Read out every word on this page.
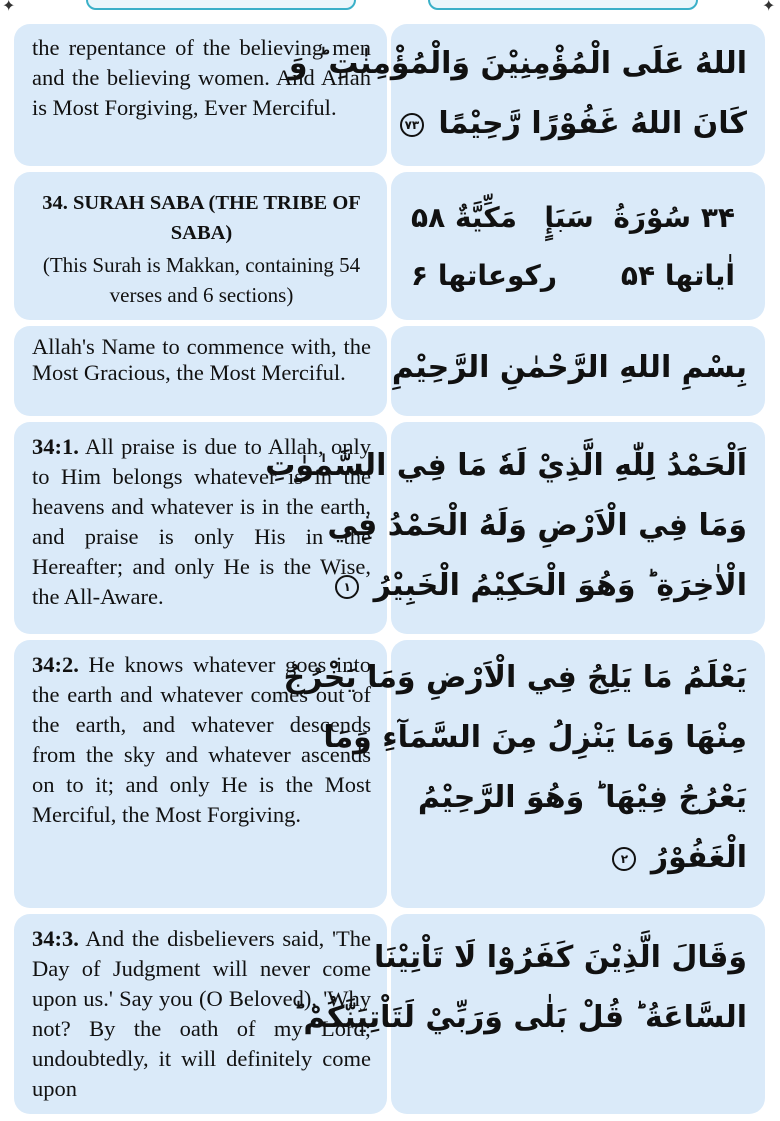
✦	✦
the repentance of the believing men and the believing women. And Allah is Most Forgiving, Ever Merciful.
اللهُ عَلَى الْمُؤْمِنِيْنَ وَالْمُؤْمِنٰتِ ؕ وَ
كَانَ اللهُ غَفُوْرًا رَّحِيْمًا ۷۳
34. SURAH SABA (THE TRIBE OF SABA)
(This Surah is Makkan, containing 54 verses and 6 sections)
۳۴ سُوْرَةُ  سَبَإٍ
مَكِّيَّةٌ ۵۸
اٰياتها ۵۴
ركوعاتها ۶
Allah's Name to commence with, the Most Gracious, the Most Merciful.	بِسْمِ اللهِ الرَّحْمٰنِ الرَّحِيْمِ
34:1. All praise is due to Allah, only to Him belongs whatever is in the heavens and whatever is in the earth, and praise is only His in the Hereafter; and only He is the Wise, the All-Aware.
اَلْحَمْدُ لِلّٰهِ الَّذِيْ لَهٗ مَا فِي السَّمٰوٰتِ
وَمَا فِي الْاَرْضِ وَلَهُ الْحَمْدُ فِي
الْاٰخِرَةِ ؕ وَهُوَ الْحَكِيْمُ الْخَبِيْرُ ۱
34:2. He knows whatever goes into the earth and whatever comes out of the earth, and whatever descends from the sky and whatever ascends on to it; and only He is the Most Merciful, the Most Forgiving.
يَعْلَمُ مَا يَلِجُ فِي الْاَرْضِ وَمَا يَخْرُجُ
مِنْهَا وَمَا يَنْزِلُ مِنَ السَّمَآءِ وَمَا
يَعْرُجُ فِيْهَا ؕ وَهُوَ الرَّحِيْمُ
الْغَفُوْرُ ۲
34:3. And the disbelievers said, 'The Day of Judgment will never come upon us.' Say you (O Beloved), 'Why not? By the oath of my Lord; undoubtedly, it will definitely come upon
وَقَالَ الَّذِيْنَ كَفَرُوْا لَا تَاْتِيْنَا
السَّاعَةُ ؕ قُلْ بَلٰى وَرَبِّيْ لَتَاْتِيَنَّكُمْ ؕ
